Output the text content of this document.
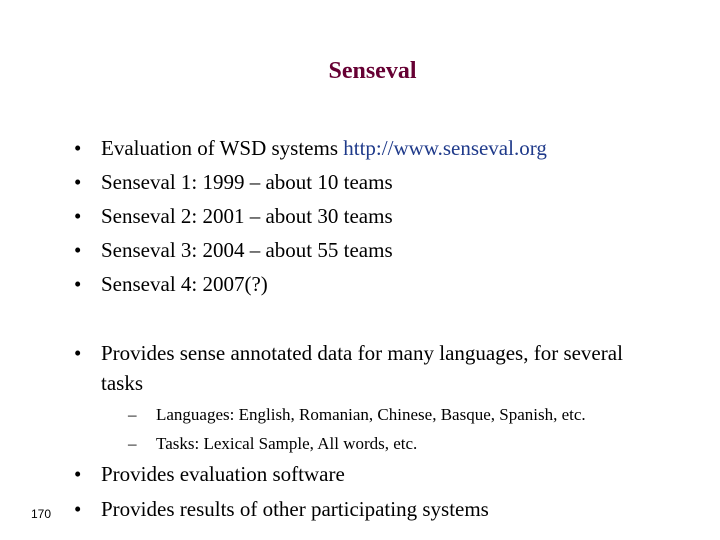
Senseval
• Evaluation of WSD systems http://www.senseval.org
• Senseval 1: 1999 – about 10 teams
• Senseval 2: 2001 – about 30 teams
• Senseval 3: 2004 – about 55 teams
• Senseval 4: 2007(?)
• Provides sense annotated data for many languages, for several tasks
– Languages: English, Romanian, Chinese, Basque, Spanish, etc.
– Tasks: Lexical Sample, All words, etc.
• Provides evaluation software
• Provides results of other participating systems
170
